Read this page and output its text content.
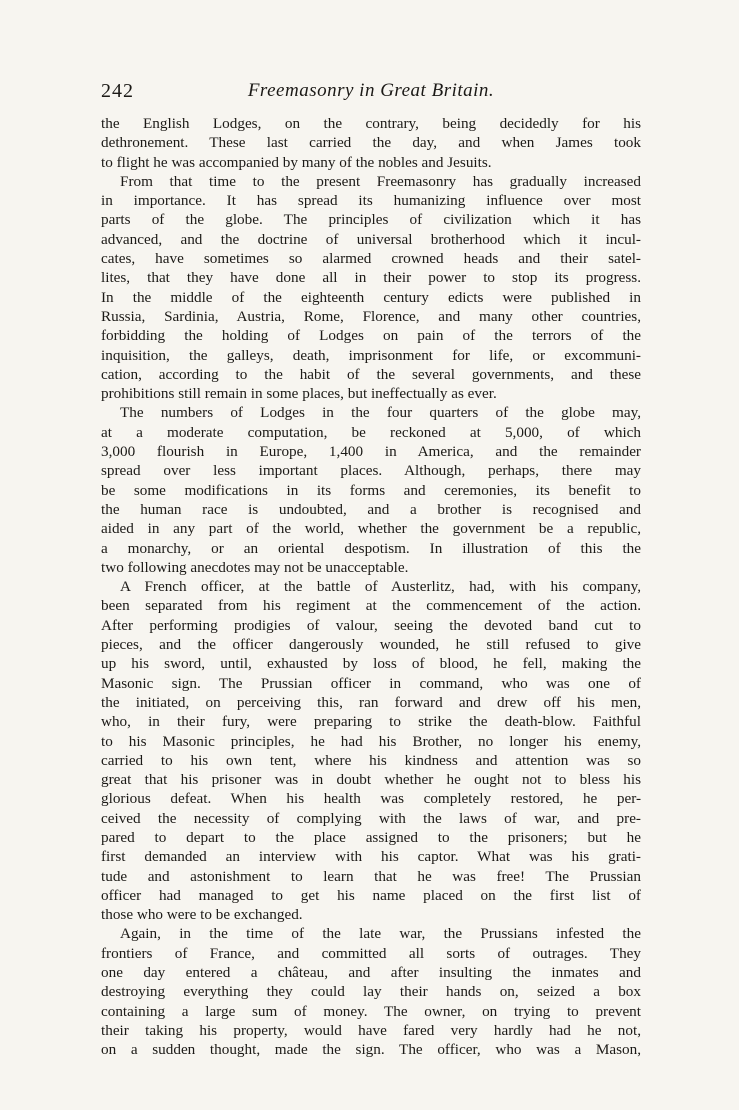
242	Freemasonry in Great Britain.
the English Lodges, on the contrary, being decidedly for his
dethronement. These last carried the day, and when James took
to flight he was accompanied by many of the nobles and Jesuits.
From that time to the present Freemasonry has gradually increased
in importance. It has spread its humanizing influence over most
parts of the globe. The principles of civilization which it has
advanced, and the doctrine of universal brotherhood which it incul-
cates, have sometimes so alarmed crowned heads and their satel-
lites, that they have done all in their power to stop its progress.
In the middle of the eighteenth century edicts were published in
Russia, Sardinia, Austria, Rome, Florence, and many other countries,
forbidding the holding of Lodges on pain of the terrors of the
inquisition, the galleys, death, imprisonment for life, or excommuni-
cation, according to the habit of the several governments, and these
prohibitions still remain in some places, but ineffectually as ever.
The numbers of Lodges in the four quarters of the globe may,
at a moderate computation, be reckoned at 5,000, of which
3,000 flourish in Europe, 1,400 in America, and the remainder
spread over less important places. Although, perhaps, there may
be some modifications in its forms and ceremonies, its benefit to
the human race is undoubted, and a brother is recognised and
aided in any part of the world, whether the government be a republic,
a monarchy, or an oriental despotism. In illustration of this the
two following anecdotes may not be unacceptable.
A French officer, at the battle of Austerlitz, had, with his company,
been separated from his regiment at the commencement of the action.
After performing prodigies of valour, seeing the devoted band cut to
pieces, and the officer dangerously wounded, he still refused to give
up his sword, until, exhausted by loss of blood, he fell, making the
Masonic sign. The Prussian officer in command, who was one of
the initiated, on perceiving this, ran forward and drew off his men,
who, in their fury, were preparing to strike the death-blow. Faithful
to his Masonic principles, he had his Brother, no longer his enemy,
carried to his own tent, where his kindness and attention was so
great that his prisoner was in doubt whether he ought not to bless his
glorious defeat. When his health was completely restored, he per-
ceived the necessity of complying with the laws of war, and pre-
pared to depart to the place assigned to the prisoners; but he
first demanded an interview with his captor. What was his grati-
tude and astonishment to learn that he was free! The Prussian
officer had managed to get his name placed on the first list of
those who were to be exchanged.
Again, in the time of the late war, the Prussians infested the
frontiers of France, and committed all sorts of outrages. They
one day entered a château, and after insulting the inmates and
destroying everything they could lay their hands on, seized a box
containing a large sum of money. The owner, on trying to prevent
their taking his property, would have fared very hardly had he not,
on a sudden thought, made the sign. The officer, who was a Mason,
